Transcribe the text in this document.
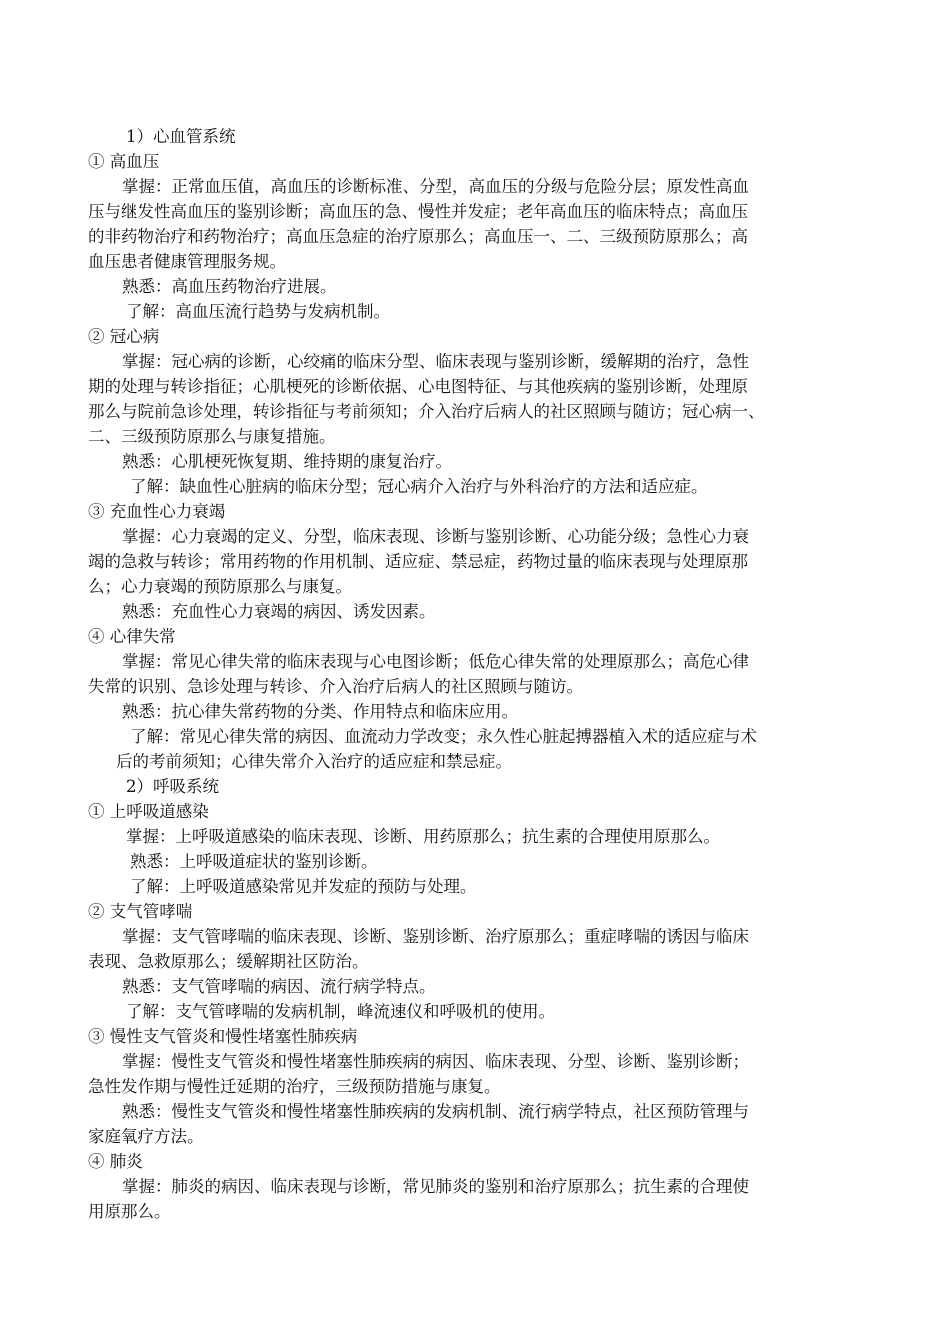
1）心血管系统
① 高血压
掌握：正常血压值，高血压的诊断标准、分型，高血压的分级与危险分层；原发性高血
压与继发性高血压的鉴别诊断；高血压的急、慢性并发症；老年高血压的临床特点；高血压
的非药物治疗和药物治疗；高血压急症的治疗原那么；高血压一、二、三级预防原那么；高
血压患者健康管理服务规。
熟悉：高血压药物治疗进展。
了解：高血压流行趋势与发病机制。
② 冠心病
掌握：冠心病的诊断，心绞痛的临床分型、临床表现与鉴别诊断，缓解期的治疗，急性
期的处理与转诊指征；心肌梗死的诊断依据、心电图特征、与其他疾病的鉴别诊断，处理原
那么与院前急诊处理，转诊指征与考前须知；介入治疗后病人的社区照顾与随访；冠心病一、
二、三级预防原那么与康复措施。
熟悉：心肌梗死恢复期、维持期的康复治疗。
了解：缺血性心脏病的临床分型；冠心病介入治疗与外科治疗的方法和适应症。
③ 充血性心力衰竭
掌握：心力衰竭的定义、分型，临床表现、诊断与鉴别诊断、心功能分级；急性心力衰
竭的急救与转诊；常用药物的作用机制、适应症、禁忌症，药物过量的临床表现与处理原那
么；心力衰竭的预防原那么与康复。
熟悉：充血性心力衰竭的病因、诱发因素。
④ 心律失常
掌握：常见心律失常的临床表现与心电图诊断；低危心律失常的处理原那么；高危心律
失常的识别、急诊处理与转诊、介入治疗后病人的社区照顾与随访。
熟悉：抗心律失常药物的分类、作用特点和临床应用。
了解：常见心律失常的病因、血流动力学改变；永久性心脏起搏器植入术的适应症与术
后的考前须知；心律失常介入治疗的适应症和禁忌症。
2）呼吸系统
① 上呼吸道感染
掌握：上呼吸道感染的临床表现、诊断、用药原那么；抗生素的合理使用原那么。
熟悉：上呼吸道症状的鉴别诊断。
了解：上呼吸道感染常见并发症的预防与处理。
② 支气管哮喘
掌握：支气管哮喘的临床表现、诊断、鉴别诊断、治疗原那么；重症哮喘的诱因与临床
表现、急救原那么；缓解期社区防治。
熟悉：支气管哮喘的病因、流行病学特点。
了解：支气管哮喘的发病机制，峰流速仪和呼吸机的使用。
③ 慢性支气管炎和慢性堵塞性肺疾病
掌握：慢性支气管炎和慢性堵塞性肺疾病的病因、临床表现、分型、诊断、鉴别诊断；
急性发作期与慢性迁延期的治疗，三级预防措施与康复。
熟悉：慢性支气管炎和慢性堵塞性肺疾病的发病机制、流行病学特点，社区预防管理与
家庭氧疗方法。
④ 肺炎
掌握：肺炎的病因、临床表现与诊断，常见肺炎的鉴别和治疗原那么；抗生素的合理使
用原那么。
